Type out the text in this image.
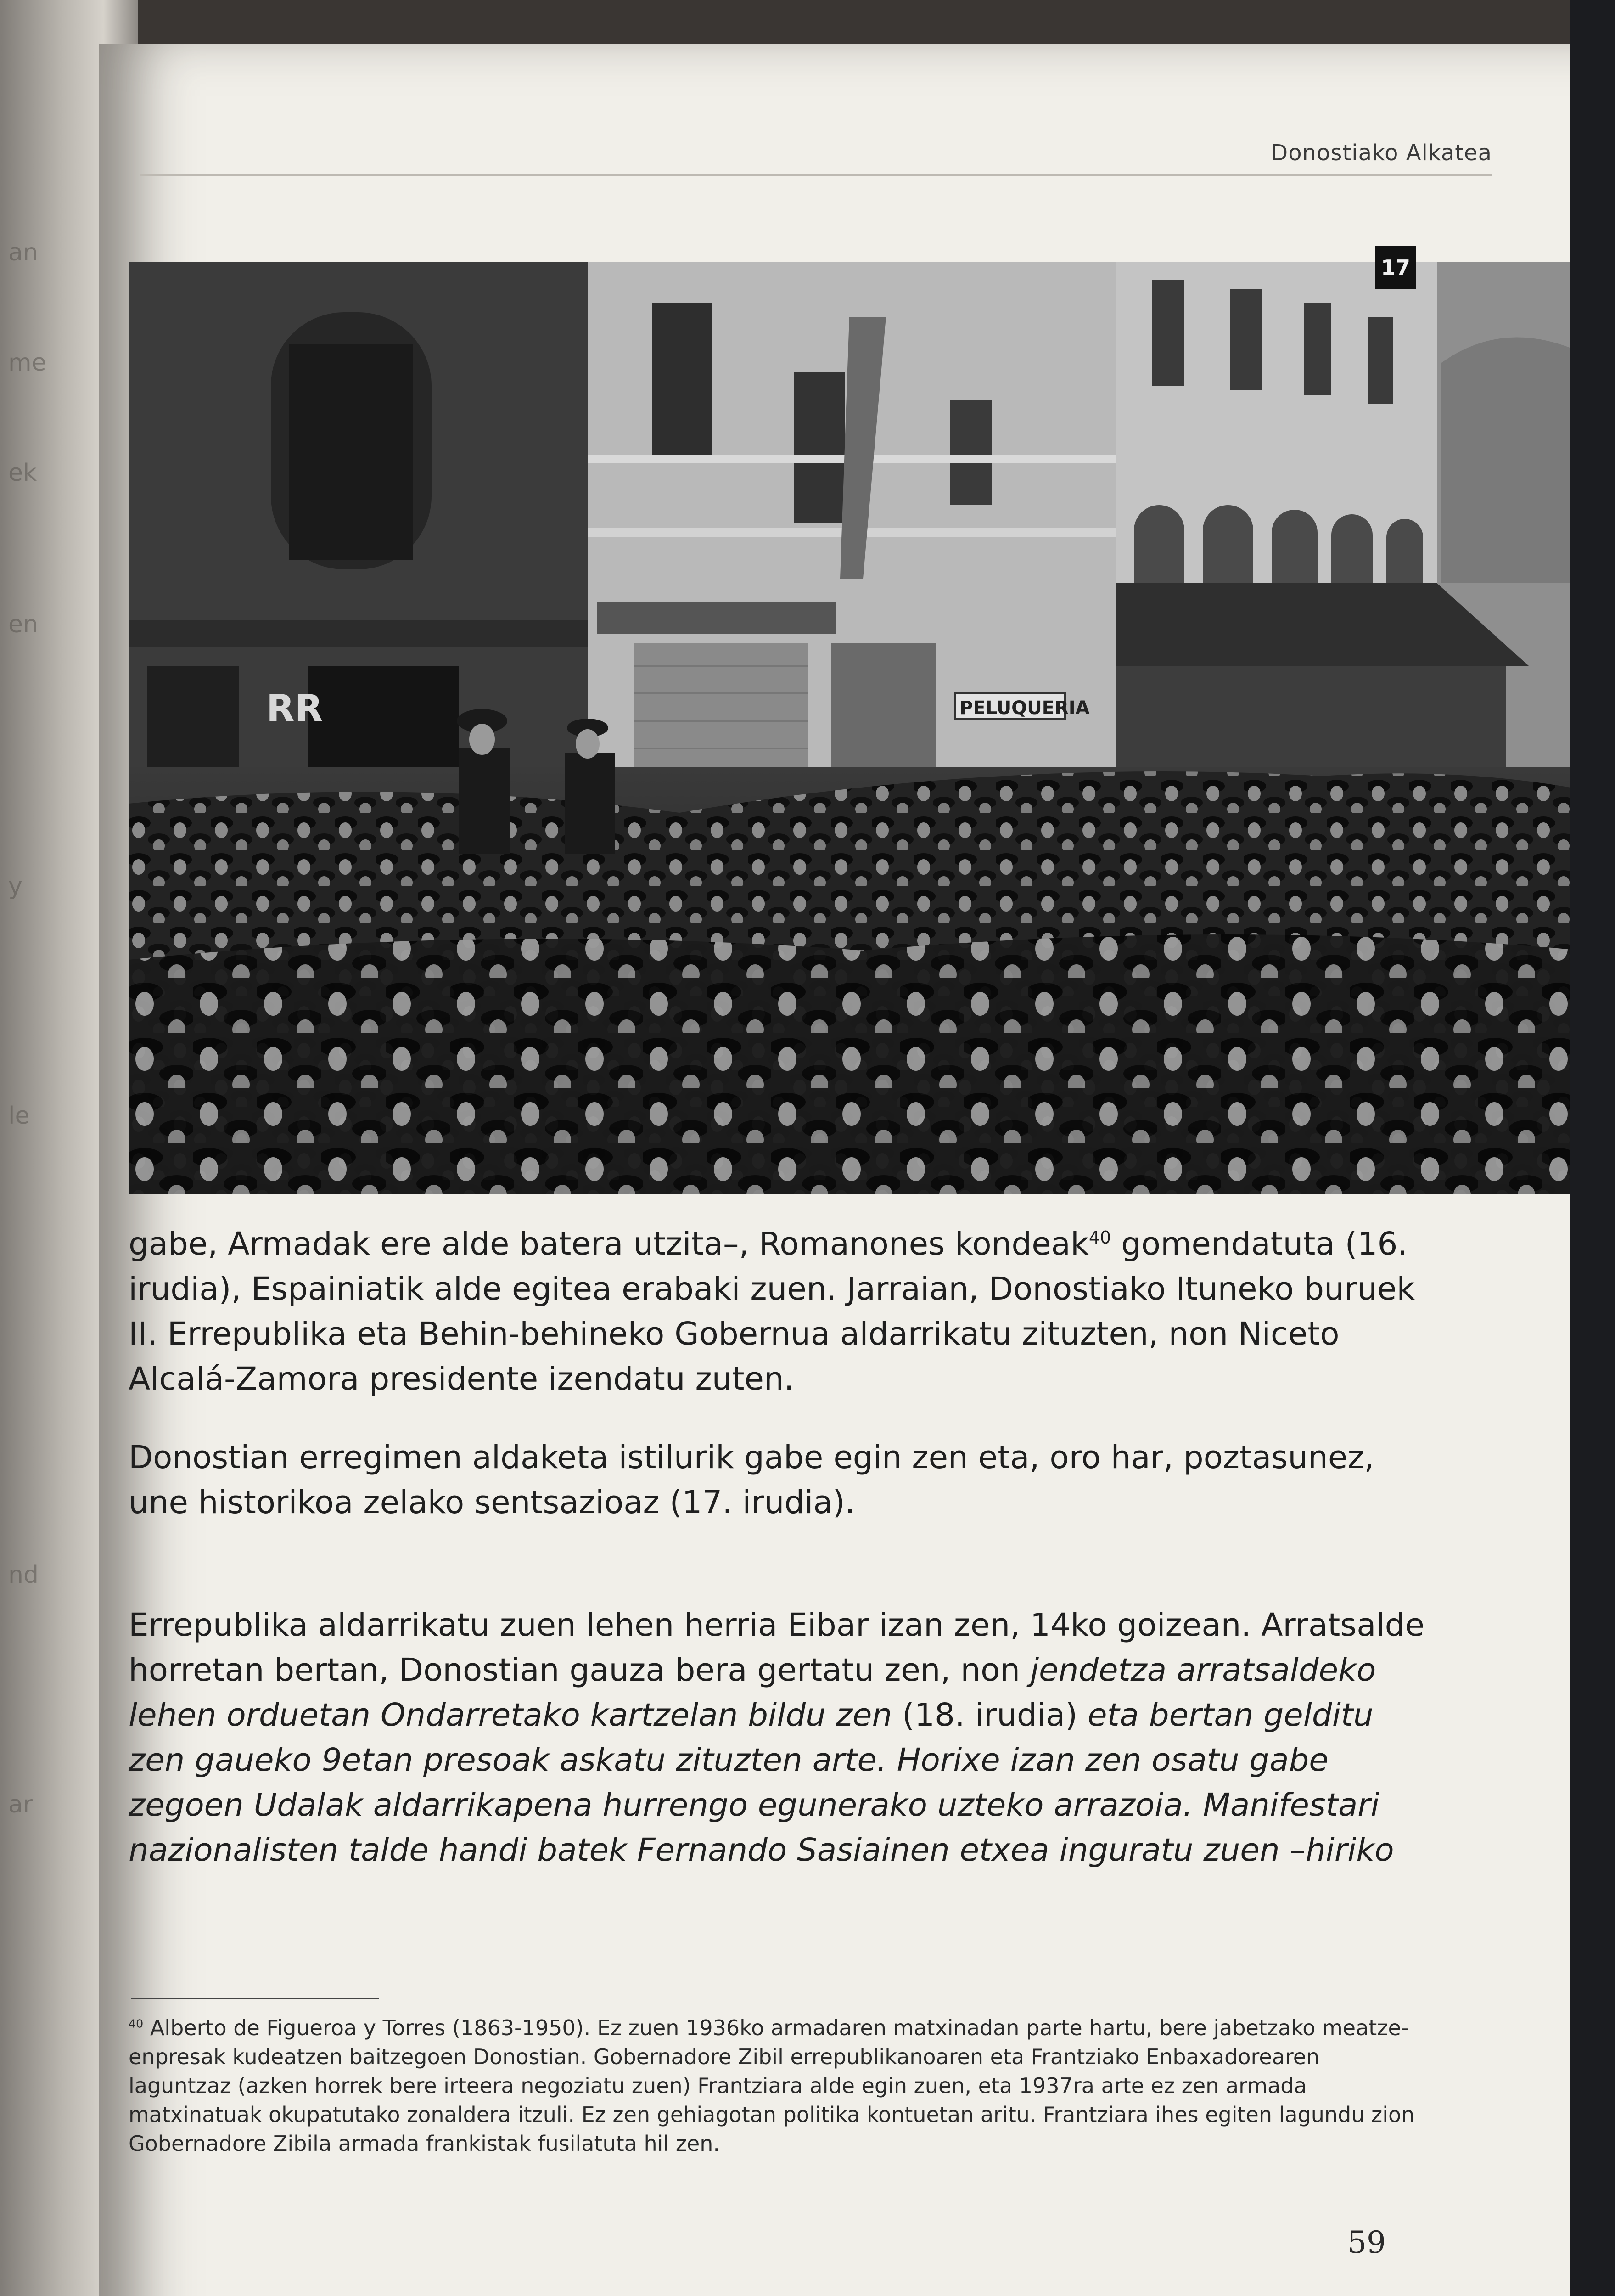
an
me
ek
en
y
le
nd
ar
Donostiako Alkatea
RR	PELUQUERIA
17

gabe, Armadak ere alde batera utzita–, Romanones kondeak$^{40}$ gomendatuta (16. irudia), Espainiatik alde egitea erabaki zuen. Jarraian, Donostiako Ituneko buruek II. Errepublika eta Behin-behineko Gobernua aldarrikatu zituzten, non Niceto Alcalá-Zamora presidente izendatu zuten.

Donostian erregimen aldaketa istilurik gabe egin zen eta, oro har, poztasunez, une historikoa zelako sentsazioaz (17. irudia).

Errepublika aldarrikatu zuen lehen herria Eibar izan zen, 14ko goizean. Arratsalde horretan bertan, Donostian gauza bera gertatu zen, non jendetza arratsaldeko lehen orduetan Ondarretako kartzelan bildu zen (18. irudia) eta bertan gelditu zen gaueko 9etan presoak askatu zituzten arte. Horixe izan zen osatu gabe zegoen Udalak aldarrikapena hurrengo egunerako uzteko arrazoia. Manifestari nazionalisten talde handi batek Fernando Sasiainen etxea inguratu zuen –hiriko

$^{40}$ Alberto de Figueroa y Torres (1863-1950). Ez zuen 1936ko armadaren matxinadan parte hartu, bere jabetzako meatze-enpresak kudeatzen baitzegoen Donostian. Gobernadore Zibil errepublikanoaren eta Frantziako Enbaxadorearen laguntzaz (azken horrek bere irteera negoziatu zuen) Frantziara alde egin zuen, eta 1937ra arte ez zen armada matxinatuak okupatutako zonaldera itzuli. Ez zen gehiagotan politika kontuetan aritu. Frantziara ihes egiten lagundu zion Gobernadore Zibila armada frankistak fusilatuta hil zen.
59
